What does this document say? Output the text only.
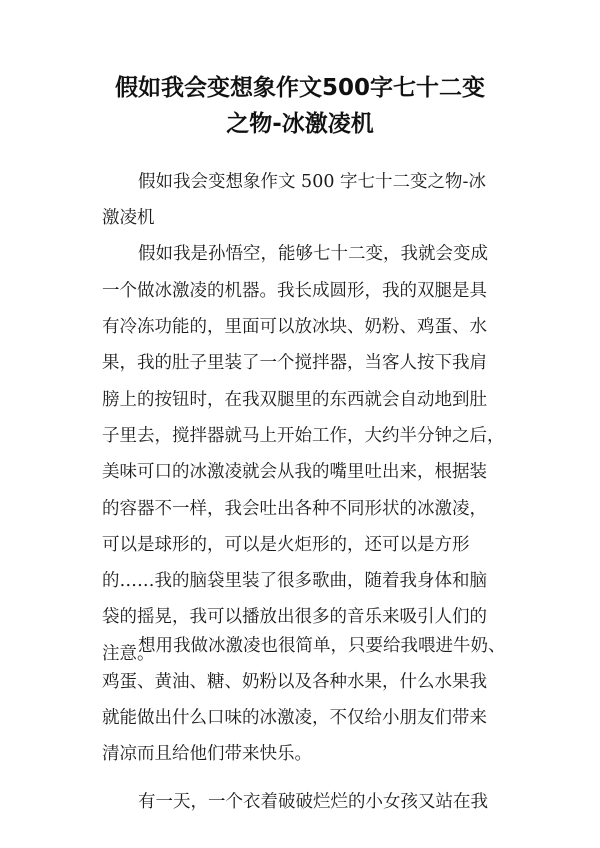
假如我会变想象作文500字七十二变
之物-冰激凌机

假如我会变想象作文 500 字七十二变之物-冰

激凌机

假如我是孙悟空，能够七十二变，我就会变成

一个做冰激凌的机器。我长成圆形，我的双腿是具

有冷冻功能的，里面可以放冰块、奶粉、鸡蛋、水

果，我的肚子里装了一个搅拌器，当客人按下我肩

膀上的按钮时，在我双腿里的东西就会自动地到肚

子里去，搅拌器就马上开始工作，大约半分钟之后，

美味可口的冰激凌就会从我的嘴里吐出来，根据装

的容器不一样，我会吐出各种不同形状的冰激凌，

可以是球形的，可以是火炬形的，还可以是方形

的……我的脑袋里装了很多歌曲，随着我身体和脑

袋的摇晃，我可以播放出很多的音乐来吸引人们的

注意。

想用我做冰激凌也很简单，只要给我喂进牛奶、

鸡蛋、黄油、糖、奶粉以及各种水果，什么水果我

就能做出什么口味的冰激凌，不仅给小朋友们带来

清凉而且给他们带来快乐。

有一天，一个衣着破破烂烂的小女孩又站在我
